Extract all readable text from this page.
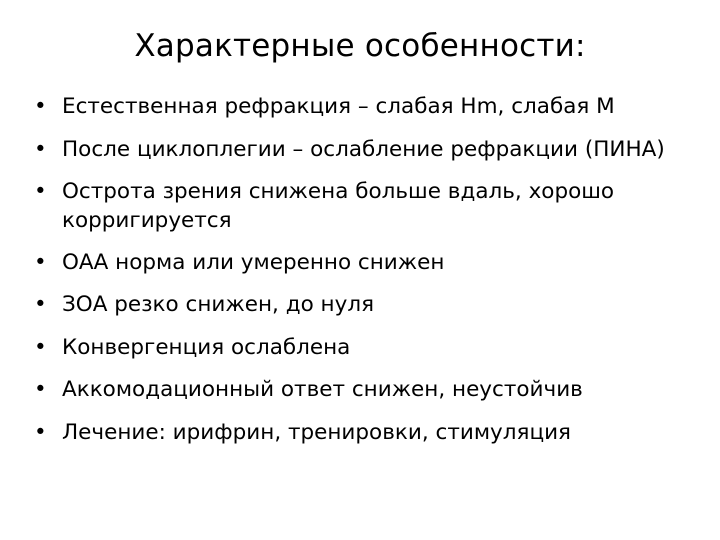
Характерные особенности:
• Естественная рефракция – слабая Hm, слабая M
• После циклоплегии – ослабление рефракции (ПИНА)
• Острота зрения снижена больше вдаль, хорошо корригируется
• ОАА норма или умеренно снижен
• ЗОА резко снижен, до нуля
• Конвергенция ослаблена
• Аккомодационный ответ снижен, неустойчив
• Лечение: ирифрин, тренировки, стимуляция
